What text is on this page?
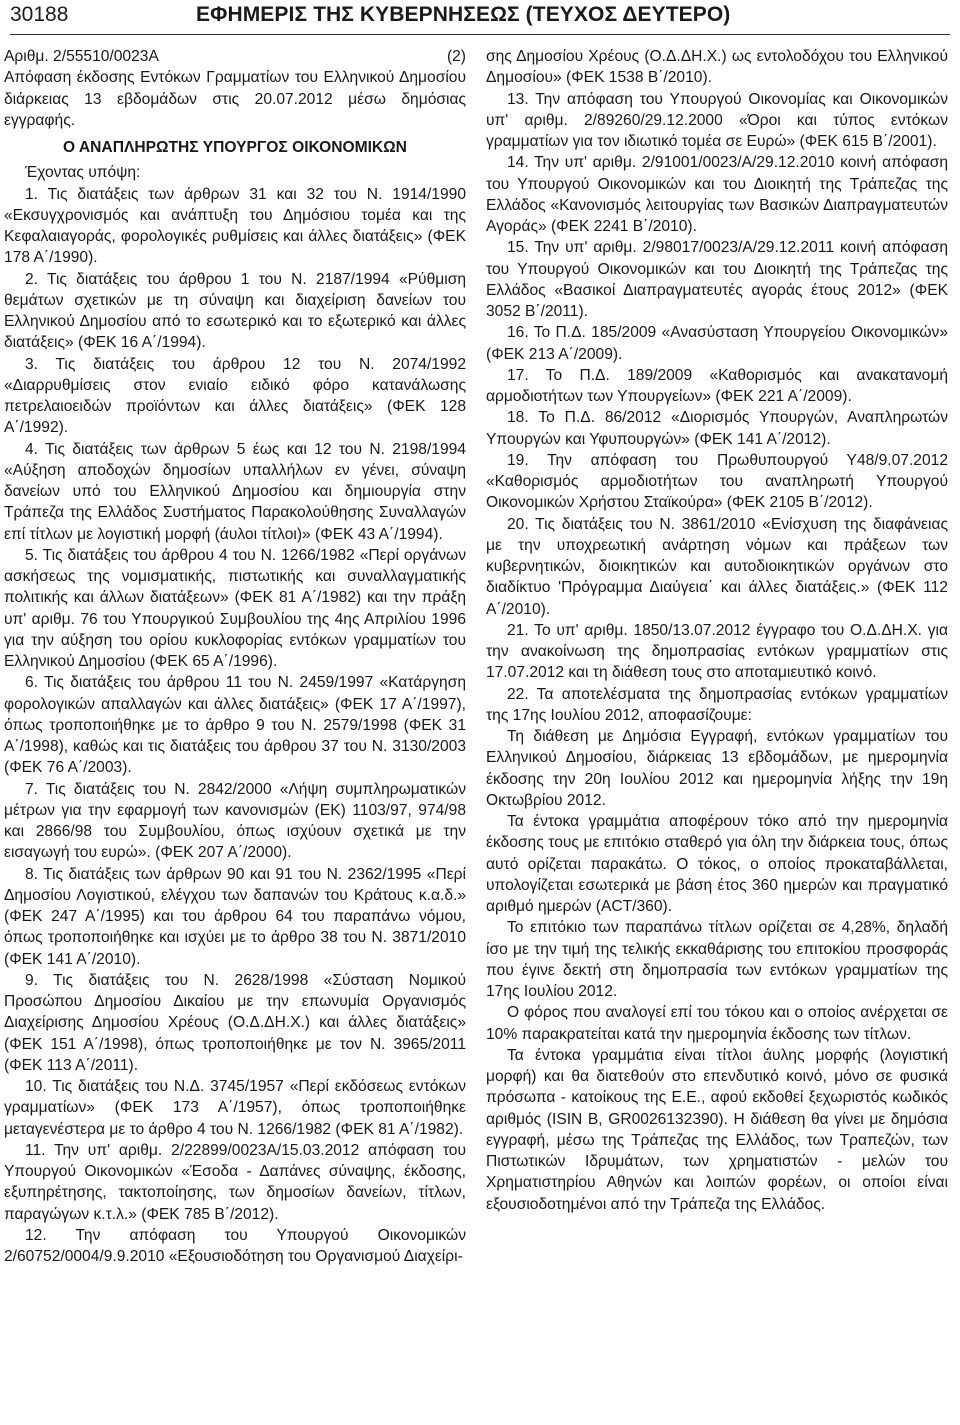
30188	ΕΦΗΜΕΡΙΣ ΤΗΣ ΚΥΒΕΡΝΗΣΕΩΣ (ΤΕΥΧΟΣ ΔΕΥΤΕΡΟ)

Αριθμ. 2/55510/0023Α	(2)

Απόφαση έκδοσης Εντόκων Γραμματίων του Ελληνικού Δημοσίου διάρκειας 13 εβδομάδων στις 20.07.2012 μέσω δημόσιας εγγραφής.

Ο ΑΝΑΠΛΗΡΩΤΗΣ ΥΠΟΥΡΓΟΣ ΟΙΚΟΝΟΜΙΚΩΝ

Έχοντας υπόψη:

1. Τις διατάξεις των άρθρων 31 και 32 του Ν. 1914/1990 «Εκσυγχρονισμός και ανάπτυξη του Δημόσιου τομέα και της Κεφαλαιαγοράς, φορολογικές ρυθμίσεις και άλλες διατάξεις» (ΦΕΚ 178 Α΄/1990).

2. Τις διατάξεις του άρθρου 1 του Ν. 2187/1994 «Ρύθμιση θεμάτων σχετικών με τη σύναψη και διαχείριση δανείων του Ελληνικού Δημοσίου από το εσωτερικό και το εξωτερικό και άλλες διατάξεις» (ΦΕΚ 16 Α΄/1994).

3. Τις διατάξεις του άρθρου 12 του Ν. 2074/1992 «Διαρρυθμίσεις στον ενιαίο ειδικό φόρο κατανάλωσης πετρελαιοειδών προϊόντων και άλλες διατάξεις» (ΦΕΚ 128 Α΄/1992).

4. Τις διατάξεις των άρθρων 5 έως και 12 του Ν. 2198/1994 «Αύξηση αποδοχών δημοσίων υπαλλήλων εν γένει, σύναψη δανείων υπό του Ελληνικού Δημοσίου και δημιουργία στην Τράπεζα της Ελλάδος Συστήματος Παρακολούθησης Συναλλαγών επί τίτλων με λογιστική μορφή (άυλοι τίτλοι)» (ΦΕΚ 43 Α΄/1994).

5. Τις διατάξεις του άρθρου 4 του Ν. 1266/1982 «Περί οργάνων ασκήσεως της νομισματικής, πιστωτικής και συναλλαγματικής πολιτικής και άλλων διατάξεων» (ΦΕΚ 81 Α΄/1982) και την πράξη υπ' αριθμ. 76 του Υπουργικού Συμβουλίου της 4ης Απριλίου 1996 για την αύξηση του ορίου κυκλοφορίας εντόκων γραμματίων του Ελληνικού Δημοσίου (ΦΕΚ 65 Α΄/1996).

6. Τις διατάξεις του άρθρου 11 του Ν. 2459/1997 «Κατάργηση φορολογικών απαλλαγών και άλλες διατάξεις» (ΦΕΚ 17 Α΄/1997), όπως τροποποιήθηκε με το άρθρο 9 του Ν. 2579/1998 (ΦΕΚ 31 Α΄/1998), καθώς και τις διατάξεις του άρθρου 37 του Ν. 3130/2003 (ΦΕΚ 76 Α΄/2003).

7. Τις διατάξεις του Ν. 2842/2000 «Λήψη συμπληρωματικών μέτρων για την εφαρμογή των κανονισμών (ΕΚ) 1103/97, 974/98 και 2866/98 του Συμβουλίου, όπως ισχύουν σχετικά με την εισαγωγή του ευρώ». (ΦΕΚ 207 Α΄/2000).

8. Τις διατάξεις των άρθρων 90 και 91 του Ν. 2362/1995 «Περί Δημοσίου Λογιστικού, ελέγχου των δαπανών του Κράτους κ.α.δ.» (ΦΕΚ 247 Α΄/1995) και του άρθρου 64 του παραπάνω νόμου, όπως τροποποιήθηκε και ισχύει με το άρθρο 38 του Ν. 3871/2010 (ΦΕΚ 141 Α΄/2010).

9. Τις διατάξεις του Ν. 2628/1998 «Σύσταση Νομικού Προσώπου Δημοσίου Δικαίου με την επωνυμία Οργανισμός Διαχείρισης Δημοσίου Χρέους (Ο.Δ.ΔΗ.Χ.) και άλλες διατάξεις» (ΦΕΚ 151 Α΄/1998), όπως τροποποιήθηκε με τον Ν. 3965/2011 (ΦΕΚ 113 Α΄/2011).

10. Τις διατάξεις του Ν.Δ. 3745/1957 «Περί εκδόσεως εντόκων γραμματίων» (ΦΕΚ 173 Α΄/1957), όπως τροποποιήθηκε μεταγενέστερα με το άρθρο 4 του Ν. 1266/1982 (ΦΕΚ 81 Α΄/1982).

11. Την υπ' αριθμ. 2/22899/0023Α/15.03.2012 απόφαση του Υπουργού Οικονομικών «Έσοδα - Δαπάνες σύναψης, έκδοσης, εξυπηρέτησης, τακτοποίησης, των δημοσίων δανείων, τίτλων, παραγώγων κ.τ.λ.» (ΦΕΚ 785 Β΄/2012).

12. Την απόφαση του Υπουργού Οικονομικών 2/60752/0004/9.9.2010 «Εξουσιοδότηση του Οργανισμού Διαχείρι-

σης Δημοσίου Χρέους (Ο.Δ.ΔΗ.Χ.) ως εντολοδόχου του Ελληνικού Δημοσίου» (ΦΕΚ 1538 Β΄/2010).

13. Την απόφαση του Υπουργού Οικονομίας και Οικονομικών υπ' αριθμ. 2/89260/29.12.2000 «Όροι και τύπος εντόκων γραμματίων για τον ιδιωτικό τομέα σε Ευρώ» (ΦΕΚ 615 Β΄/2001).

14. Την υπ' αριθμ. 2/91001/0023/Α/29.12.2010 κοινή απόφαση του Υπουργού Οικονομικών και του Διοικητή της Τράπεζας της Ελλάδος «Κανονισμός λειτουργίας των Βασικών Διαπραγματευτών Αγοράς» (ΦΕΚ 2241 Β΄/2010).

15. Την υπ' αριθμ. 2/98017/0023/Α/29.12.2011 κοινή απόφαση του Υπουργού Οικονομικών και του Διοικητή της Τράπεζας της Ελλάδος «Βασικοί Διαπραγματευτές αγοράς έτους 2012» (ΦΕΚ 3052 Β΄/2011).

16. Το Π.Δ. 185/2009 «Ανασύσταση Υπουργείου Οικονομικών» (ΦΕΚ 213 Α΄/2009).

17. Το Π.Δ. 189/2009 «Καθορισμός και ανακατανομή αρμοδιοτήτων των Υπουργείων» (ΦΕΚ 221 Α΄/2009).

18. Το Π.Δ. 86/2012 «Διορισμός Υπουργών, Αναπληρωτών Υπουργών και Υφυπουργών» (ΦΕΚ 141 Α΄/2012).

19. Την απόφαση του Πρωθυπουργού Υ48/9.07.2012 «Καθορισμός αρμοδιοτήτων του αναπληρωτή Υπουργού Οικονομικών Χρήστου Σταϊκούρα» (ΦΕΚ 2105 Β΄/2012).

20. Τις διατάξεις του Ν. 3861/2010 «Ενίσχυση της διαφάνειας με την υποχρεωτική ανάρτηση νόμων και πράξεων των κυβερνητικών, διοικητικών και αυτοδιοικητικών οργάνων στο διαδίκτυο 'Πρόγραμμα Διαύγεια΄ και άλλες διατάξεις.» (ΦΕΚ 112 Α΄/2010).

21. Το υπ' αριθμ. 1850/13.07.2012 έγγραφο του Ο.Δ.ΔΗ.Χ. για την ανακοίνωση της δημοπρασίας εντόκων γραμματίων στις 17.07.2012 και τη διάθεση τους στο αποταμιευτικό κοινό.

22. Τα αποτελέσματα της δημοπρασίας εντόκων γραμματίων της 17ης Ιουλίου 2012, αποφασίζουμε:

Τη διάθεση με Δημόσια Εγγραφή, εντόκων γραμματίων του Ελληνικού Δημοσίου, διάρκειας 13 εβδομάδων, με ημερομηνία έκδοσης την 20η Ιουλίου 2012 και ημερομηνία λήξης την 19η Οκτωβρίου 2012.

Τα έντοκα γραμμάτια αποφέρουν τόκο από την ημερομηνία έκδοσης τους με επιτόκιο σταθερό για όλη την διάρκεια τους, όπως αυτό ορίζεται παρακάτω. Ο τόκος, ο οποίος προκαταβάλλεται, υπολογίζεται εσωτερικά με βάση έτος 360 ημερών και πραγματικό αριθμό ημερών (ACT/360).

Το επιτόκιο των παραπάνω τίτλων ορίζεται σε 4,28%, δηλαδή ίσο με την τιμή της τελικής εκκαθάρισης του επιτοκίου προσφοράς που έγινε δεκτή στη δημοπρασία των εντόκων γραμματίων της 17ης Ιουλίου 2012.

Ο φόρος που αναλογεί επί του τόκου και ο οποίος ανέρχεται σε 10% παρακρατείται κατά την ημερομηνία έκδοσης των τίτλων.

Τα έντοκα γραμμάτια είναι τίτλοι άυλης μορφής (λογιστική μορφή) και θα διατεθούν στο επενδυτικό κοινό, μόνο σε φυσικά πρόσωπα - κατοίκους της Ε.Ε., αφού εκδοθεί ξεχωριστός κωδικός αριθμός (ISIN B, GR0026132390). Η διάθεση θα γίνει με δημόσια εγγραφή, μέσω της Τράπεζας της Ελλάδος, των Τραπεζών, των Πιστωτικών Ιδρυμάτων, των χρηματιστών - μελών του Χρηματιστηρίου Αθηνών και λοιπών φορέων, οι οποίοι είναι εξουσιοδοτημένοι από την Τράπεζα της Ελλάδος.
